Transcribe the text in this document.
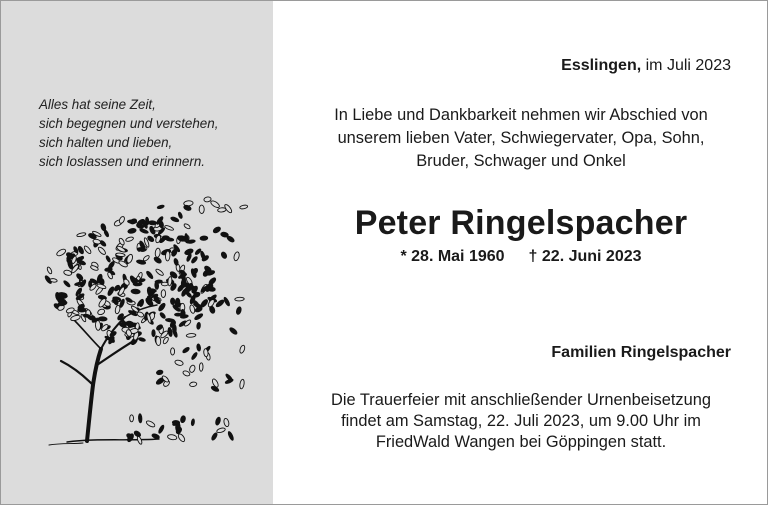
Alles hat seine Zeit,
sich begegnen und verstehen,
sich halten und lieben,
sich loslassen und erinnern.
Esslingen, im Juli 2023
In Liebe und Dankbarkeit nehmen wir Abschied von
unserem lieben Vater, Schwiegervater, Opa, Sohn,
Bruder, Schwager und Onkel
Peter Ringelspacher
* 28. Mai 1960 † 22. Juni 2023
Familien Ringelspacher
Die Trauerfeier mit anschließender Urnenbeisetzung
findet am Samstag, 22. Juli 2023, um 9.00 Uhr im
FriedWald Wangen bei Göppingen statt.
